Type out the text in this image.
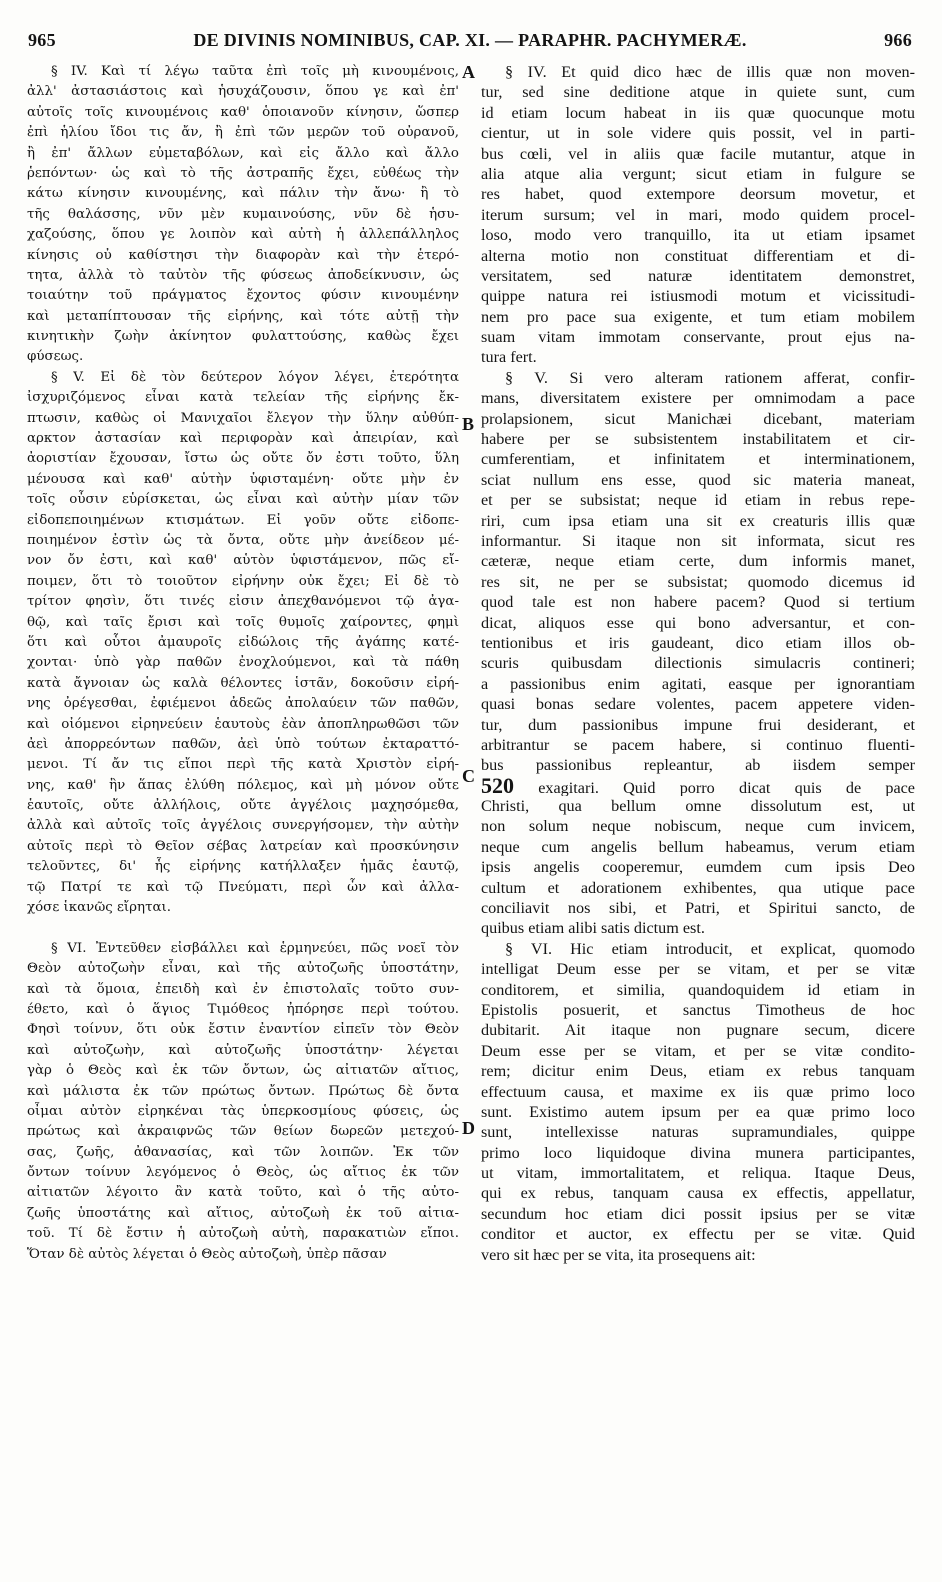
965	DE DIVINIS NOMINIBUS, CAP. XI. — PARAPHR. PACHYMERÆ.	966
§ IV. Καὶ τί λέγω ταῦτα ἐπὶ τοῖς μὴ κινουμένοις,
ἀλλ' ἀστασιάστοις καὶ ἡσυχάζουσιν, ὅπου γε καὶ ἐπ'
αὐτοῖς τοῖς κινουμένοις καθ' ὁποιανοῦν κίνησιν, ὥσπερ
ἐπὶ ἡλίου ἴδοι τις ἄν, ἢ ἐπὶ τῶν μερῶν τοῦ οὐρανοῦ,
ἢ ἐπ' ἄλλων εὐμεταβόλων, καὶ εἰς ἄλλο καὶ ἄλλο
ῥεπόντων· ὡς καὶ τὸ τῆς ἀστραπῆς ἔχει, εὐθέως τὴν
κάτω κίνησιν κινουμένης, καὶ πάλιν τὴν ἄνω· ἢ τὸ
τῆς θαλάσσης, νῦν μὲν κυμαινούσης, νῦν δὲ ἡσυ-
χαζούσης, ὅπου γε λοιπὸν καὶ αὐτὴ ἡ ἀλλεπάλληλος
κίνησις οὐ καθίστησι τὴν διαφορὰν καὶ τὴν ἑτερό-
τητα, ἀλλὰ τὸ ταὐτὸν τῆς φύσεως ἀποδείκνυσιν, ὡς
τοιαύτην τοῦ πράγματος ἔχοντος φύσιν κινουμένην
καὶ μεταπίπτουσαν τῆς εἰρήνης, καὶ τότε αὐτῇ τὴν
κινητικὴν ζωὴν ἀκίνητον φυλαττούσης, καθὼς ἔχει
φύσεως.
§ V. Εἰ δὲ τὸν δεύτερον λόγον λέγει, ἑτερότητα
ἰσχυριζόμενος εἶναι κατὰ τελείαν τῆς εἰρήνης ἔκ-
πτωσιν, καθὼς οἱ Μανιχαῖοι ἔλεγον τὴν ὕλην αὐθύπ-
αρκτον ἀστασίαν καὶ περιφορὰν καὶ ἀπειρίαν, καὶ
ἀοριστίαν ἔχουσαν, ἴστω ὡς οὔτε ὄν ἐστι τοῦτο, ὕλη
μένουσα καὶ καθ' αὑτὴν ὑφισταμένη· οὔτε μὴν ἐν
τοῖς οὖσιν εὑρίσκεται, ὡς εἶναι καὶ αὐτὴν μίαν τῶν
εἰδοπεποιημένων κτισμάτων. Εἰ γοῦν οὔτε εἰδοπε-
ποιημένον ἐστὶν ὡς τὰ ὄντα, οὔτε μὴν ἀνείδεον μέ-
νον ὄν ἐστι, καὶ καθ' αὑτὸν ὑφιστάμενον, πῶς εἴ-
ποιμεν, ὅτι τὸ τοιοῦτον εἰρήνην οὐκ ἔχει; Εἰ δὲ τὸ
τρίτον φησὶν, ὅτι τινές εἰσιν ἀπεχθανόμενοι τῷ ἀγα-
θῷ, καὶ ταῖς ἔρισι καὶ τοῖς θυμοῖς χαίροντες, φημὶ
ὅτι καὶ οὗτοι ἀμαυροῖς εἰδώλοις τῆς ἀγάπης κατέ-
χονται· ὑπὸ γὰρ παθῶν ἐνοχλούμενοι, καὶ τὰ πάθη
κατὰ ἄγνοιαν ὡς καλὰ θέλοντες ἱστᾶν, δοκοῦσιν εἰρή-
νης ὀρέγεσθαι, ἐφιέμενοι ἀδεῶς ἀπολαύειν τῶν παθῶν,
καὶ οἰόμενοι εἰρηνεύειν ἑαυτοὺς ἐὰν ἀποπληρωθῶσι τῶν
ἀεὶ ἀπορρεόντων παθῶν, ἀεὶ ὑπὸ τούτων ἐκταραττό-
μενοι. Τί ἄν τις εἴποι περὶ τῆς κατὰ Χριστὸν εἰρή-
νης, καθ' ἣν ἅπας ἐλύθη πόλεμος, καὶ μὴ μόνον οὔτε
ἑαυτοῖς, οὔτε ἀλλήλοις, οὔτε ἀγγέλοις μαχησόμεθα,
ἀλλὰ καὶ αὐτοῖς τοῖς ἀγγέλοις συνεργήσομεν, τὴν αὐτὴν
αὐτοῖς περὶ τὸ Θεῖον σέβας λατρείαν καὶ προσκύνησιν
τελοῦντες, δι' ἧς εἰρήνης κατήλλαξεν ἡμᾶς ἑαυτῷ,
τῷ Πατρί τε καὶ τῷ Πνεύματι, περὶ ὧν καὶ ἀλλα-
χόσε ἱκανῶς εἴρηται.
§ VI. Ἐντεῦθεν εἰσβάλλει καὶ ἑρμηνεύει, πῶς νοεῖ τὸν
Θεὸν αὐτοζωὴν εἶναι, καὶ τῆς αὐτοζωῆς ὑποστάτην,
καὶ τὰ ὅμοια, ἐπειδὴ καὶ ἐν ἐπιστολαῖς τοῦτο συν-
έθετο, καὶ ὁ ἅγιος Τιμόθεος ἠπόρησε περὶ τούτου.
Φησὶ τοίνυν, ὅτι οὐκ ἔστιν ἐναντίον εἰπεῖν τὸν Θεὸν
καὶ αὐτοζωὴν, καὶ αὐτοζωῆς ὑποστάτην· λέγεται
γὰρ ὁ Θεὸς καὶ ἐκ τῶν ὄντων, ὡς αἰτιατῶν αἴτιος,
καὶ μάλιστα ἐκ τῶν πρώτως ὄντων. Πρώτως δὲ ὄντα
οἶμαι αὐτὸν εἰρηκέναι τὰς ὑπερκοσμίους φύσεις, ὡς
πρώτως καὶ ἀκραιφνῶς τῶν θείων δωρεῶν μετεχού-
σας, ζωῆς, ἀθανασίας, καὶ τῶν λοιπῶν. Ἐκ τῶν
ὄντων τοίνυν λεγόμενος ὁ Θεὸς, ὡς αἴτιος ἐκ τῶν
αἰτιατῶν λέγοιτο ἂν κατὰ τοῦτο, καὶ ὁ τῆς αὐτο-
ζωῆς ὑποστάτης καὶ αἴτιος, αὐτοζωὴ ἐκ τοῦ αἰτια-
τοῦ. Τί δὲ ἔστιν ἡ αὐτοζωὴ αὐτὴ, παρακατιὼν εἴποι.
Ὅταν δὲ αὐτὸς λέγεται ὁ Θεὸς αὐτοζωὴ, ὑπὲρ πᾶσαν
§ IV. Et quid dico hæc de illis quæ non moven-
tur, sed sine deditione atque in quiete sunt, cum
id etiam locum habeat in iis quæ quocunque motu
cientur, ut in sole videre quis possit, vel in parti-
bus cœli, vel in aliis quæ facile mutantur, atque in
alia atque alia vergunt; sicut etiam in fulgure se
res habet, quod extempore deorsum movetur, et
iterum sursum; vel in mari, modo quidem procel-
loso, modo vero tranquillo, ita ut etiam ipsamet
alterna motio non constituat differentiam et di-
versitatem, sed naturæ identitatem demonstret,
quippe natura rei istiusmodi motum et vicissitudi-
nem pro pace sua exigente, et tum etiam mobilem
suam vitam immotam conservante, prout ejus na-
tura fert.
§ V. Si vero alteram rationem afferat, confir-
mans, diversitatem existere per omnimodam a pace
prolapsionem, sicut Manichæi dicebant, materiam
habere per se subsistentem instabilitatem et cir-
cumferentiam, et infinitatem et interminationem,
sciat nullum ens esse, quod sic materia maneat,
et per se subsistat; neque id etiam in rebus repe-
riri, cum ipsa etiam una sit ex creaturis illis quæ
informantur. Si itaque non sit informata, sicut res
cæteræ, neque etiam certe, dum informis manet,
res sit, ne per se subsistat; quomodo dicemus id
quod tale est non habere pacem? Quod si tertium
dicat, aliquos esse qui bono adversantur, et con-
tentionibus et iris gaudeant, dico etiam illos ob-
scuris quibusdam dilectionis simulacris contineri;
a passionibus enim agitati, easque per ignorantiam
quasi bonas sedare volentes, pacem appetere viden-
tur, dum passionibus impune frui desiderant, et
arbitrantur se pacem habere, si continuo fluenti-
bus passionibus repleantur, ab iisdem semper
520 exagitari. Quid porro dicat quis de pace
Christi, qua bellum omne dissolutum est, ut
non solum neque nobiscum, neque cum invicem,
neque cum angelis bellum habeamus, verum etiam
ipsis angelis cooperemur, eumdem cum ipsis Deo
cultum et adorationem exhibentes, qua utique pace
conciliavit nos sibi, et Patri, et Spiritui sancto, de
quibus etiam alibi satis dictum est.
§ VI. Hic etiam introducit, et explicat, quomodo
intelligat Deum esse per se vitam, et per se vitæ
conditorem, et similia, quandoquidem id etiam in
Epistolis posuerit, et sanctus Timotheus de hoc
dubitarit. Ait itaque non pugnare secum, dicere
Deum esse per se vitam, et per se vitæ condito-
rem; dicitur enim Deus, etiam ex rebus tanquam
effectuum causa, et maxime ex iis quæ primo loco
sunt. Existimo autem ipsum per ea quæ primo loco
sunt, intellexisse naturas supramundiales, quippe
primo loco liquidoque divina munera participantes,
ut vitam, immortalitatem, et reliqua. Itaque Deus,
qui ex rebus, tanquam causa ex effectis, appellatur,
secundum hoc etiam dici possit ipsius per se vitæ
conditor et auctor, ex effectu per se vitæ. Quid
vero sit hæc per se vita, ita prosequens ait:
A
B
C
D
